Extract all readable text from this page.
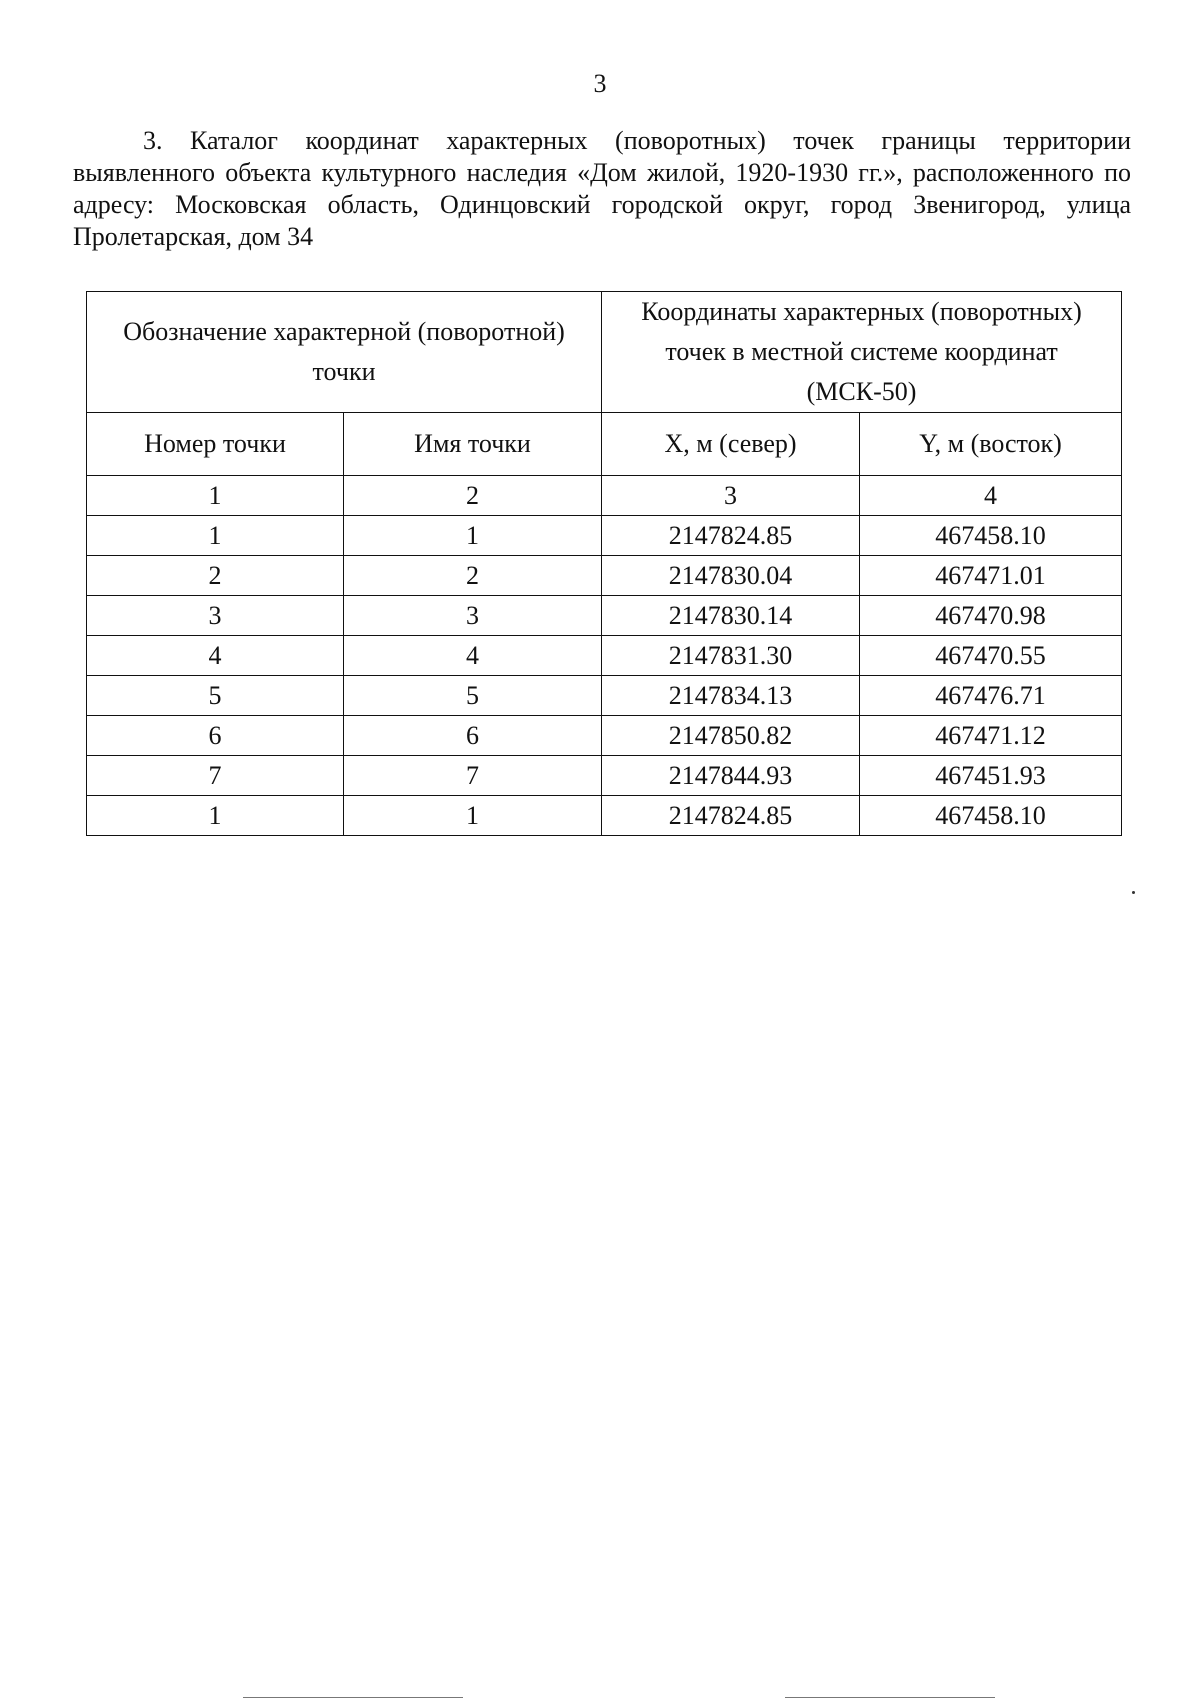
3

3. Каталог координат характерных (поворотных) точек границы территории выявленного объекта культурного наследия «Дом жилой, 1920-1930 гг.», расположенного по адресу: Московская область, Одинцовский городской округ, город Звенигород, улица Пролетарская, дом 34

Обозначение характерной (поворотной) точки		Координаты характерных (поворотных) точек в местной системе координат (МСК-50)	
Номер точки	Имя точки	X, м (север)	Y, м (восток)
1	2	3	4
1	1	2147824.85	467458.10
2	2	2147830.04	467471.01
3	3	2147830.14	467470.98
4	4	2147831.30	467470.55
5	5	2147834.13	467476.71
6	6	2147850.82	467471.12
7	7	2147844.93	467451.93
1	1	2147824.85	467458.10
